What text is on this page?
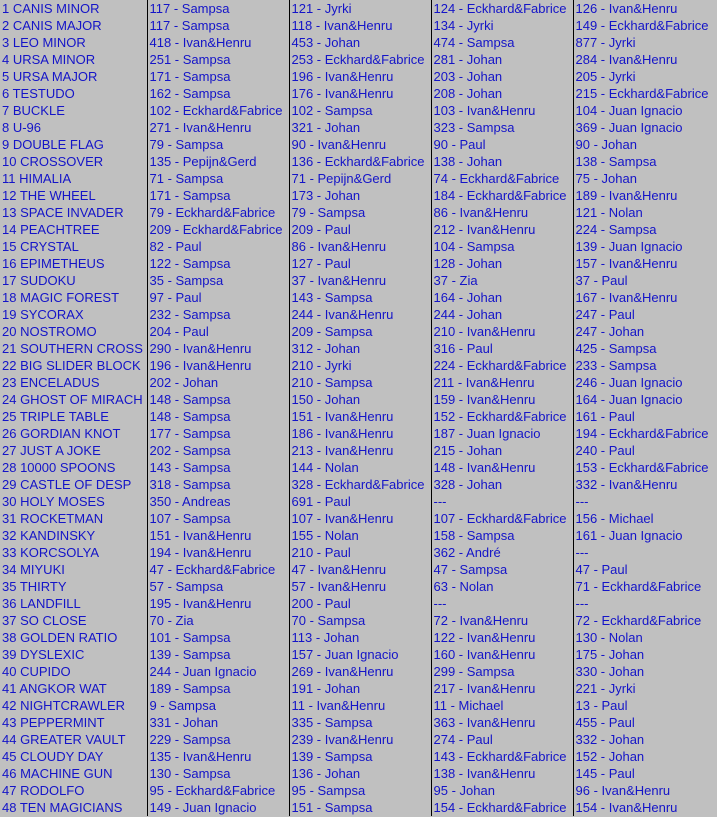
1 CANIS MINOR	117 - Sampsa	121 - Jyrki	124 - Eckhard&Fabrice	126 - Ivan&Henru
2 CANIS MAJOR	117 - Sampsa	118 - Ivan&Henru	134 - Jyrki	149 - Eckhard&Fabrice
3 LEO MINOR	418 - Ivan&Henru	453 - Johan	474 - Sampsa	877 - Jyrki
4 URSA MINOR	251 - Sampsa	253 - Eckhard&Fabrice	281 - Johan	284 - Ivan&Henru
5 URSA MAJOR	171 - Sampsa	196 - Ivan&Henru	203 - Johan	205 - Jyrki
6 TESTUDO	162 - Sampsa	176 - Ivan&Henru	208 - Johan	215 - Eckhard&Fabrice
7 BUCKLE	102 - Eckhard&Fabrice	102 - Sampsa	103 - Ivan&Henru	104 - Juan Ignacio
8 U-96	271 - Ivan&Henru	321 - Johan	323 - Sampsa	369 - Juan Ignacio
9 DOUBLE FLAG	79 - Sampsa	90 - Ivan&Henru	90 - Paul	90 - Johan
10 CROSSOVER	135 - Pepijn&Gerd	136 - Eckhard&Fabrice	138 - Johan	138 - Sampsa
11 HIMALIA	71 - Sampsa	71 - Pepijn&Gerd	74 - Eckhard&Fabrice	75 - Johan
12 THE WHEEL	171 - Sampsa	173 - Johan	184 - Eckhard&Fabrice	189 - Ivan&Henru
13 SPACE INVADER	79 - Eckhard&Fabrice	79 - Sampsa	86 - Ivan&Henru	121 - Nolan
14 PEACHTREE	209 - Eckhard&Fabrice	209 - Paul	212 - Ivan&Henru	224 - Sampsa
15 CRYSTAL	82 - Paul	86 - Ivan&Henru	104 - Sampsa	139 - Juan Ignacio
16 EPIMETHEUS	122 - Sampsa	127 - Paul	128 - Johan	157 - Ivan&Henru
17 SUDOKU	35 - Sampsa	37 - Ivan&Henru	37 - Zia	37 - Paul
18 MAGIC FOREST	97 - Paul	143 - Sampsa	164 - Johan	167 - Ivan&Henru
19 SYCORAX	232 - Sampsa	244 - Ivan&Henru	244 - Johan	247 - Paul
20 NOSTROMO	204 - Paul	209 - Sampsa	210 - Ivan&Henru	247 - Johan
21 SOUTHERN CROSS	290 - Ivan&Henru	312 - Johan	316 - Paul	425 - Sampsa
22 BIG SLIDER BLOCK	196 - Ivan&Henru	210 - Jyrki	224 - Eckhard&Fabrice	233 - Sampsa
23 ENCELADUS	202 - Johan	210 - Sampsa	211 - Ivan&Henru	246 - Juan Ignacio
24 GHOST OF MIRACH	148 - Sampsa	150 - Johan	159 - Ivan&Henru	164 - Juan Ignacio
25 TRIPLE TABLE	148 - Sampsa	151 - Ivan&Henru	152 - Eckhard&Fabrice	161 - Paul
26 GORDIAN KNOT	177 - Sampsa	186 - Ivan&Henru	187 - Juan Ignacio	194 - Eckhard&Fabrice
27 JUST A JOKE	202 - Sampsa	213 - Ivan&Henru	215 - Johan	240 - Paul
28 10000 SPOONS	143 - Sampsa	144 - Nolan	148 - Ivan&Henru	153 - Eckhard&Fabrice
29 CASTLE OF DESP	318 - Sampsa	328 - Eckhard&Fabrice	328 - Johan	332 - Ivan&Henru
30 HOLY MOSES	350 - Andreas	691 - Paul	---	---
31 ROCKETMAN	107 - Sampsa	107 - Ivan&Henru	107 - Eckhard&Fabrice	156 - Michael
32 KANDINSKY	151 - Ivan&Henru	155 - Nolan	158 - Sampsa	161 - Juan Ignacio
33 KORCSOLYA	194 - Ivan&Henru	210 - Paul	362 - André	---
34 MIYUKI	47 - Eckhard&Fabrice	47 - Ivan&Henru	47 - Sampsa	47 - Paul
35 THIRTY	57 - Sampsa	57 - Ivan&Henru	63 - Nolan	71 - Eckhard&Fabrice
36 LANDFILL	195 - Ivan&Henru	200 - Paul	---	---
37 SO CLOSE	70 - Zia	70 - Sampsa	72 - Ivan&Henru	72 - Eckhard&Fabrice
38 GOLDEN RATIO	101 - Sampsa	113 - Johan	122 - Ivan&Henru	130 - Nolan
39 DYSLEXIC	139 - Sampsa	157 - Juan Ignacio	160 - Ivan&Henru	175 - Johan
40 CUPIDO	244 - Juan Ignacio	269 - Ivan&Henru	299 - Sampsa	330 - Johan
41 ANGKOR WAT	189 - Sampsa	191 - Johan	217 - Ivan&Henru	221 - Jyrki
42 NIGHTCRAWLER	9 - Sampsa	11 - Ivan&Henru	11 - Michael	13 - Paul
43 PEPPERMINT	331 - Johan	335 - Sampsa	363 - Ivan&Henru	455 - Paul
44 GREATER VAULT	229 - Sampsa	239 - Ivan&Henru	274 - Paul	332 - Johan
45 CLOUDY DAY	135 - Ivan&Henru	139 - Sampsa	143 - Eckhard&Fabrice	152 - Johan
46 MACHINE GUN	130 - Sampsa	136 - Johan	138 - Ivan&Henru	145 - Paul
47 RODOLFO	95 - Eckhard&Fabrice	95 - Sampsa	95 - Johan	96 - Ivan&Henru
48 TEN MAGICIANS	149 - Juan Ignacio	151 - Sampsa	154 - Eckhard&Fabrice	154 - Ivan&Henru
